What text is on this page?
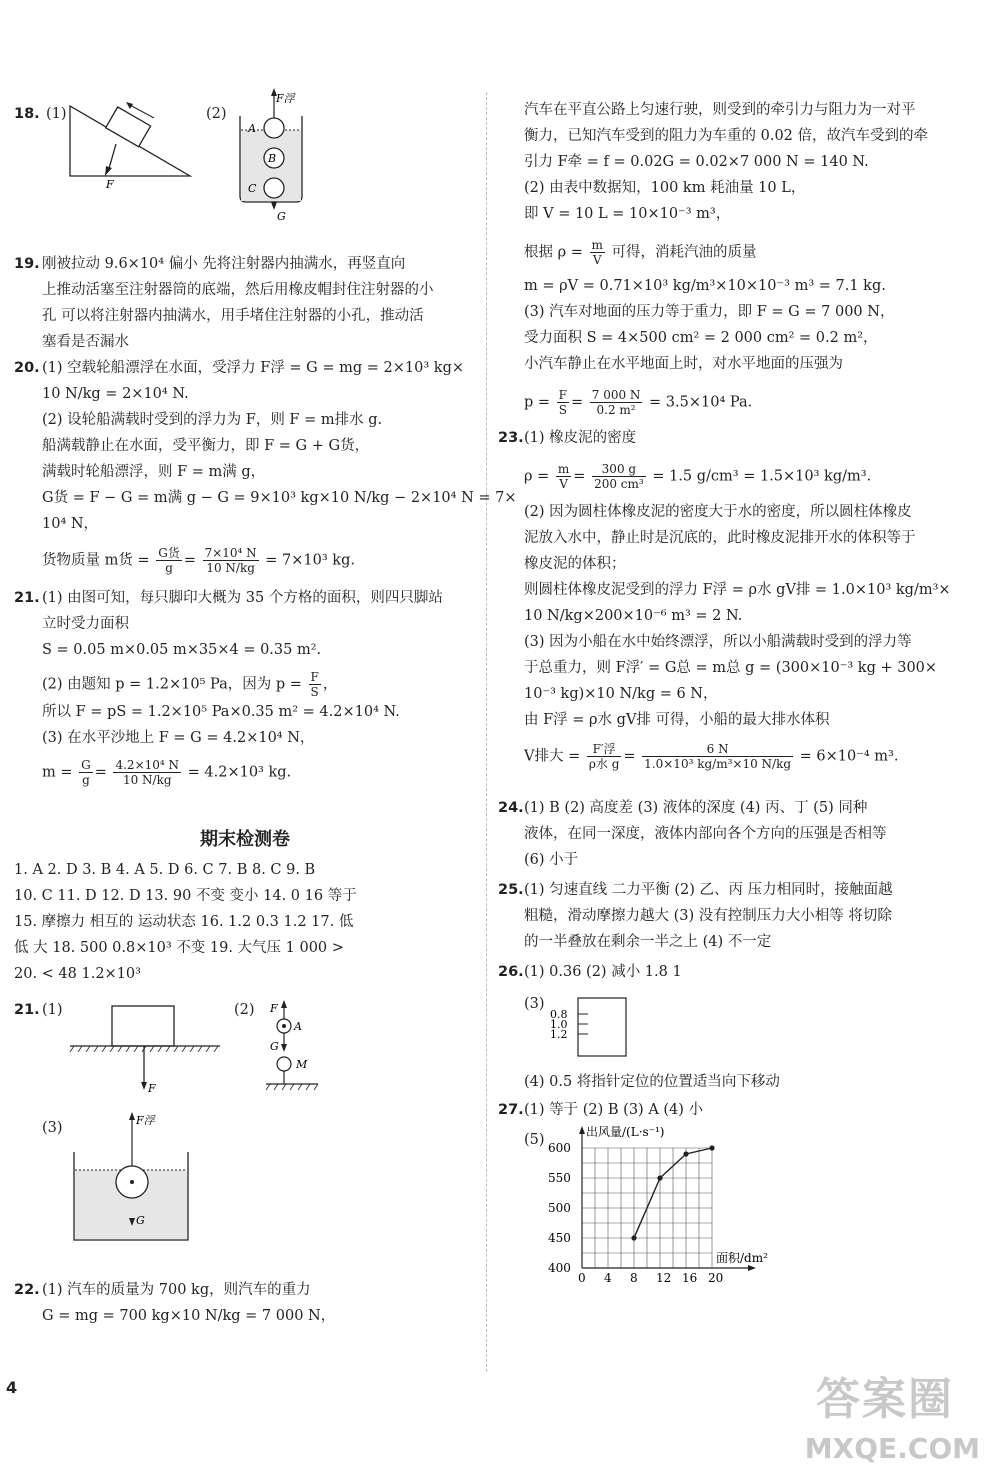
18. (1)
F
(2)
F浮
A
B
C
G
19. 刚被拉动 9.6×10⁴ 偏小 先将注射器内抽满水，再竖直向
上推动活塞至注射器筒的底端，然后用橡皮帽封住注射器的小
孔 可以将注射器内抽满水，用手堵住注射器的小孔，推动活
塞看是否漏水
20. (1) 空载轮船漂浮在水面，受浮力 F浮 = G = mg = 2×10³ kg×
10 N/kg = 2×10⁴ N.
(2) 设轮船满载时受到的浮力为 F，则 F = m排水 g.
船满载静止在水面，受平衡力，即 F = G + G货，
满载时轮船漂浮，则 F = m满 g，
G货 = F − G = m满 g − G = 9×10³ kg×10 N/kg − 2×10⁴ N = 7×
10⁴ N，
货物质量 m货 = $\frac{\text{G货}}{g} = \frac{\text{7×10⁴ N}}{10 N/kg} = 7\times 10^3$ kg.
21. (1) 由图可知，每只脚印大概为 35 个方格的面积，则四只脚站
立时受力面积
S = 0.05 m×0.05 m×35×4 = 0.35 m².
(2) 由题知 p = 1.2×10⁵ Pa，因为 $p = \frac{F}{S}$ ，
所以 F = pS = 1.2×10⁵ Pa×0.35 m² = 4.2×10⁴ N.
(3) 在水平沙地上 F = G = 4.2×10⁴ N，
$m = \frac{G}{g} = \frac{\text{4.2×10⁴ N}}{10 N/kg} = 4.2\times 10^3$ kg.
期末检测卷
1. A 2. D 3. B 4. A 5. D 6. C 7. B 8. C 9. B
10. C 11. D 12. D 13. 90 不变 变小 14. 0 16 等于
15. 摩擦力 相互的 运动状态 16. 1.2 0.3 1.2 17. 低
低 大 18. 500 0.8×10³ 不变 19. 大气压 1 000 >
20. < 48 1.2×10³
21. (1)
F
(2) F
A
G
M
(3)	F浮
G
22. (1) 汽车的质量为 700 kg，则汽车的重力
G = mg = 700 kg×10 N/kg = 7 000 N，
4
汽车在平直公路上匀速行驶，则受到的牵引力与阻力为一对平
衡力，已知汽车受到的阻力为车重的 0.02 倍，故汽车受到的牵
引力 F牵 = f = 0.02G = 0.02×7 000 N = 140 N.
(2) 由表中数据知，100 km 耗油量 10 L，
即 V = 10 L = 10×10⁻³ m³，
根据 $\rho = \frac{m}{V}$ 可得，消耗汽油的质量
m = ρV = 0.71×10³ kg/m³×10×10⁻³ m³ = 7.1 kg.
(3) 汽车对地面的压力等于重力，即 F = G = 7 000 N，
受力面积 S = 4×500 cm² = 2 000 cm² = 0.2 m²，
小汽车静止在水平地面上时，对水平地面的压强为
$p = \frac{F}{S} = \frac{7 000 N}{\text{0.2 m²}} = 3.5\times 10^4$ Pa.
23. (1) 橡皮泥的密度
$\rho = \frac{m}{V} = \frac{300 g}{\text{200 cm³}} = 1.5$ g/cm³ = 1.5×10³ kg/m³.
(2) 因为圆柱体橡皮泥的密度大于水的密度，所以圆柱体橡皮
泥放入水中，静止时是沉底的，此时橡皮泥排开水的体积等于
橡皮泥的体积；
则圆柱体橡皮泥受到的浮力 F浮 = ρ水 gV排 = 1.0×10³ kg/m³×
10 N/kg×200×10⁻⁶ m³ = 2 N.
(3) 因为小船在水中始终漂浮，所以小船满载时受到的浮力等
于总重力，则 F浮′ = G总 = m总 g = (300×10⁻³ kg + 300×
10⁻³ kg)×10 N/kg = 6 N，
由 F浮 = ρ水 gV排 可得，小船的最大排水体积
V排大 = $\frac{\text{F′浮}}{\text{ρ水 g}} = \frac{6 N}{\text{1.0×10³ kg/m³×10 N/kg}} = 6\times 10^{-4}$ m³.
24. (1) B (2) 高度差 (3) 液体的深度 (4) 丙、丁 (5) 同种
液体，在同一深度，液体内部向各个方向的压强是否相等
(6) 小于
25. (1) 匀速直线 二力平衡 (2) 乙、丙 压力相同时，接触面越
粗糙，滑动摩擦力越大 (3) 没有控制压力大小相等 将切除
的一半叠放在剩余一半之上 (4) 不一定
26. (1) 0.36 (2) 减小 1.8 1
(3)
0.8
1.0
1.2
(4) 0.5 将指针定位的位置适当向下移动
27. (1) 等于 (2) B (3) A (4) 小
(5)
0 4 8 12 16 20
400
450
500
550
600
出风量/(L·s⁻¹)
面积/dm²
答案圈
MXQE.COM
